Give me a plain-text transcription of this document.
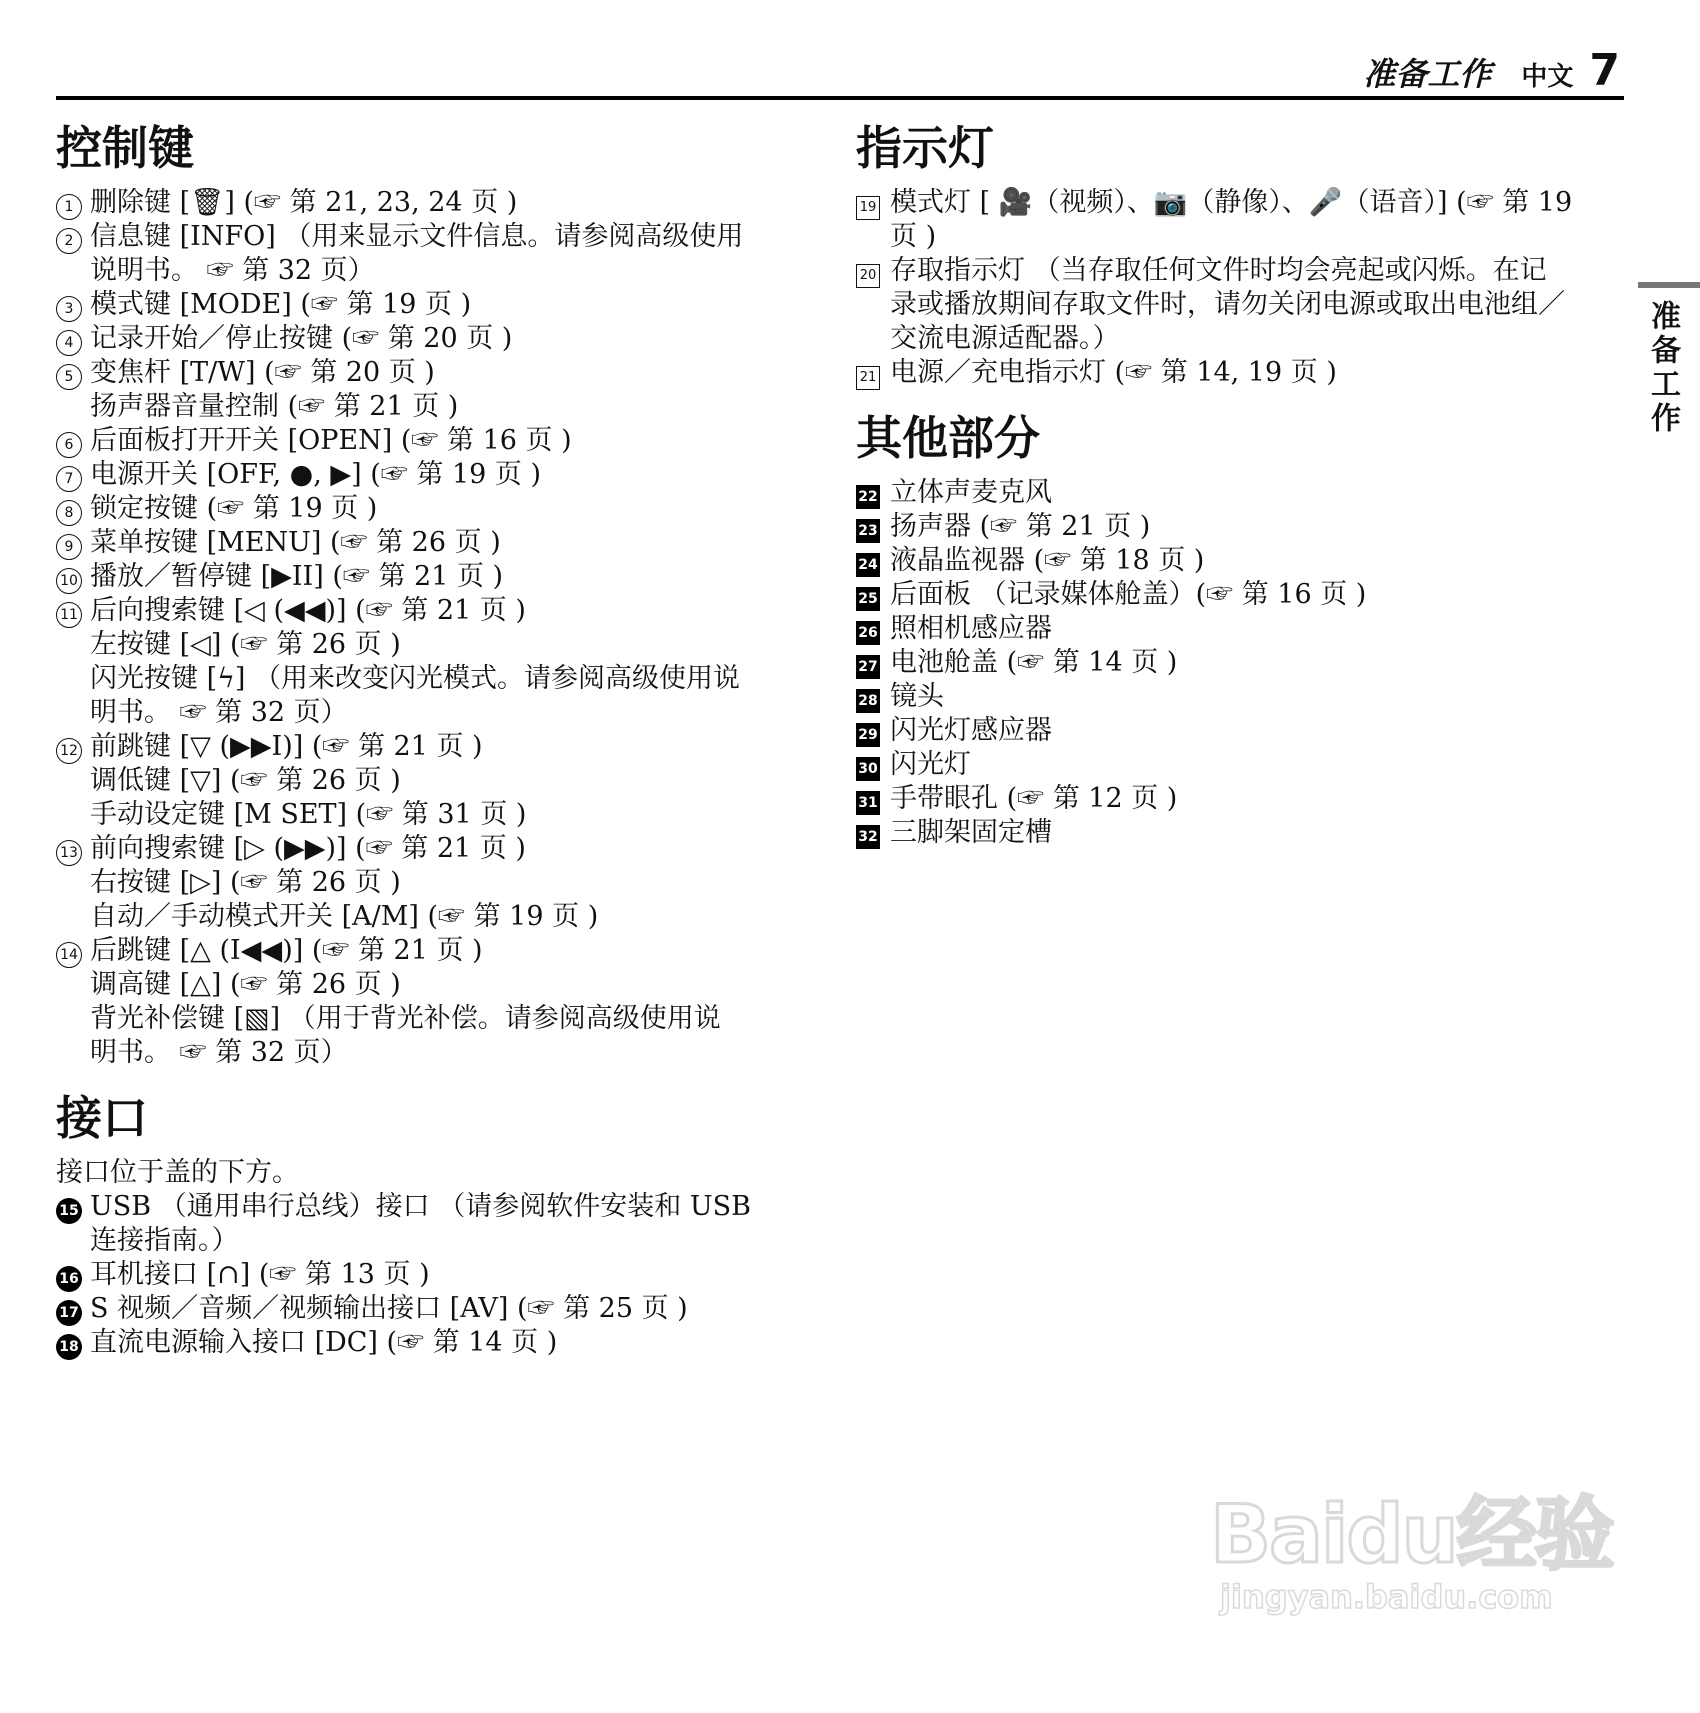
准备工作 中文 7
准备工作
控制键
1 删除键 [🗑] (☞ 第 21, 23, 24 页 )
2 信息键 [INFO] （用来显示文件信息。请参阅高级使用
说明书。 ☞ 第 32 页）
3 模式键 [MODE] (☞ 第 19 页 )
4 记录开始／停止按键 (☞ 第 20 页 )
5 变焦杆 [T/W] (☞ 第 20 页 )
扬声器音量控制 (☞ 第 21 页 )
6 后面板打开开关 [OPEN] (☞ 第 16 页 )
7 电源开关 [OFF, ●, ▶] (☞ 第 19 页 )
8 锁定按键 (☞ 第 19 页 )
9 菜单按键 [MENU] (☞ 第 26 页 )
10 播放／暂停键 [▶II] (☞ 第 21 页 )
11 后向搜索键 [◁ (◀◀)] (☞ 第 21 页 )
左按键 [◁] (☞ 第 26 页 )
闪光按键 [ϟ] （用来改变闪光模式。请参阅高级使用说
明书。 ☞ 第 32 页）
12 前跳键 [▽ (▶▶I)] (☞ 第 21 页 )
调低键 [▽] (☞ 第 26 页 )
手动设定键 [M SET] (☞ 第 31 页 )
13 前向搜索键 [▷ (▶▶)] (☞ 第 21 页 )
右按键 [▷] (☞ 第 26 页 )
自动／手动模式开关 [A/M] (☞ 第 19 页 )
14 后跳键 [△ (I◀◀)] (☞ 第 21 页 )
调高键 [△] (☞ 第 26 页 )
背光补偿键 [▧] （用于背光补偿。请参阅高级使用说
明书。 ☞ 第 32 页）
接口
接口位于盖的下方。
15 USB （通用串行总线）接口 （请参阅软件安装和 USB
连接指南。）
16 耳机接口 [∩] (☞ 第 13 页 )
17 S 视频／音频／视频输出接口 [AV] (☞ 第 25 页 )
18 直流电源输入接口 [DC] (☞ 第 14 页 )
指示灯
19 模式灯 [ 🎥（视频）、📷（静像）、🎤（语音）] (☞ 第 19
页 )
20 存取指示灯 （当存取任何文件时均会亮起或闪烁。在记
录或播放期间存取文件时，请勿关闭电源或取出电池组／
交流电源适配器。）
21 电源／充电指示灯 (☞ 第 14, 19 页 )
其他部分
22 立体声麦克风
23 扬声器 (☞ 第 21 页 )
24 液晶监视器 (☞ 第 18 页 )
25 后面板 （记录媒体舱盖）(☞ 第 16 页 )
26 照相机感应器
27 电池舱盖 (☞ 第 14 页 )
28 镜头
29 闪光灯感应器
30 闪光灯
31 手带眼孔 (☞ 第 12 页 )
32 三脚架固定槽
Baidu经验
jingyan.baidu.com
